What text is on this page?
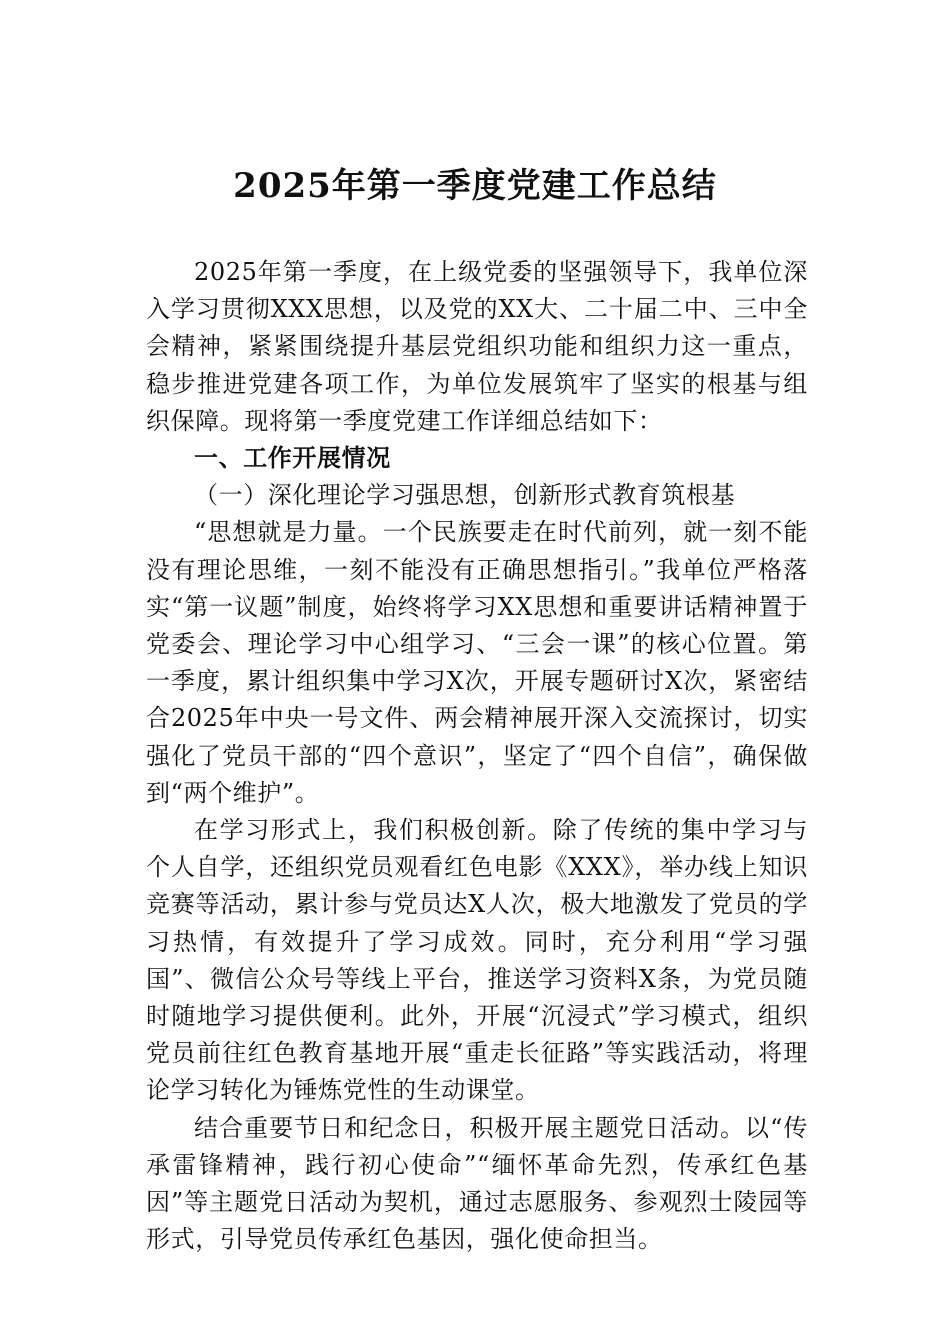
2025年第一季度党建工作总结

2025年第一季度，在上级党委的坚强领导下，我单位深入学习贯彻XXX思想，以及党的XX大、二十届二中、三中全会精神，紧紧围绕提升基层党组织功能和组织力这一重点，稳步推进党建各项工作，为单位发展筑牢了坚实的根基与组织保障。现将第一季度党建工作详细总结如下：

一、工作开展情况

（一）深化理论学习强思想，创新形式教育筑根基

“思想就是力量。一个民族要走在时代前列，就一刻不能没有理论思维，一刻不能没有正确思想指引。”我单位严格落实“第一议题”制度，始终将学习XX思想和重要讲话精神置于党委会、理论学习中心组学习、“三会一课”的核心位置。第一季度，累计组织集中学习X次，开展专题研讨X次，紧密结合2025年中央一号文件、两会精神展开深入交流探讨，切实强化了党员干部的“四个意识”，坚定了“四个自信”，确保做到“两个维护”。

在学习形式上，我们积极创新。除了传统的集中学习与个人自学，还组织党员观看红色电影《XXX》，举办线上知识竞赛等活动，累计参与党员达X人次，极大地激发了党员的学习热情，有效提升了学习成效。同时，充分利用“学习强国”、微信公众号等线上平台，推送学习资料X条，为党员随时随地学习提供便利。此外，开展“沉浸式”学习模式，组织党员前往红色教育基地开展“重走长征路”等实践活动，将理论学习转化为锤炼党性的生动课堂。

结合重要节日和纪念日，积极开展主题党日活动。以“传承雷锋精神，践行初心使命”“缅怀革命先烈，传承红色基因”等主题党日活动为契机，通过志愿服务、参观烈士陵园等形式，引导党员传承红色基因，强化使命担当。
